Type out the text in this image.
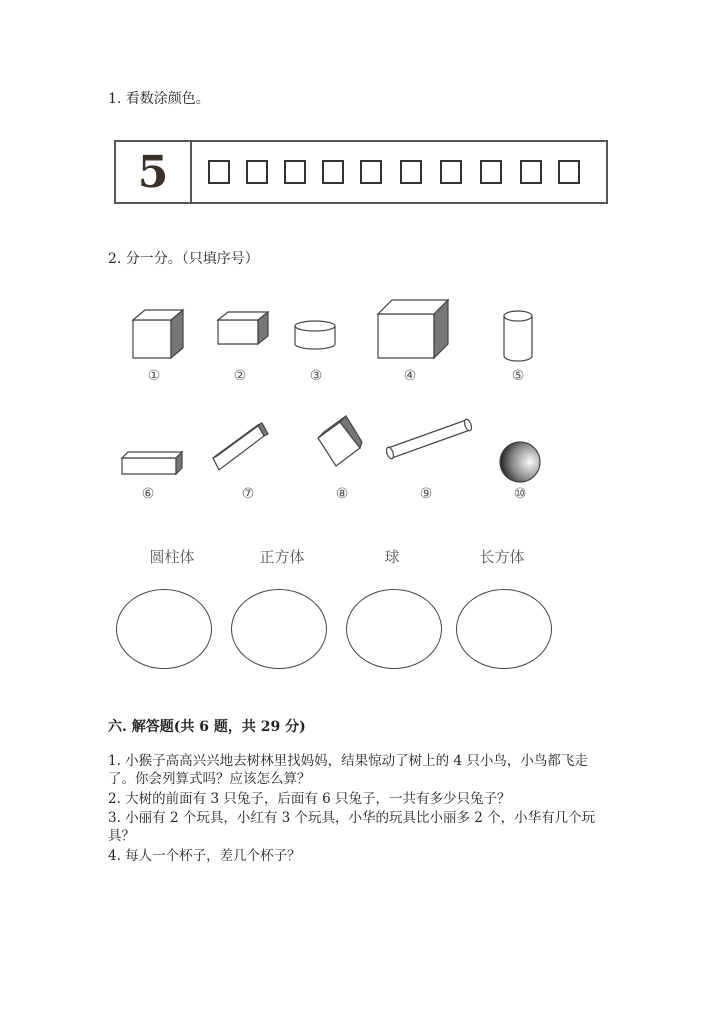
1. 看数涂颜色。
5
2. 分一分。（只填序号）
①	②	③	④	⑤
⑥	⑦	⑧	⑨	⑩
圆柱体	正方体	球	长方体
六. 解答题(共 6 题，共 29 分)
1. 小猴子高高兴兴地去树林里找妈妈，结果惊动了树上的 4 只小鸟，小鸟都飞走了。你会列算式吗？应该怎么算？
2. 大树的前面有 3 只兔子，后面有 6 只兔子，一共有多少只兔子？
3. 小丽有 2 个玩具，小红有 3 个玩具，小华的玩具比小丽多 2 个，小华有几个玩具？
4. 每人一个杯子，差几个杯子？
